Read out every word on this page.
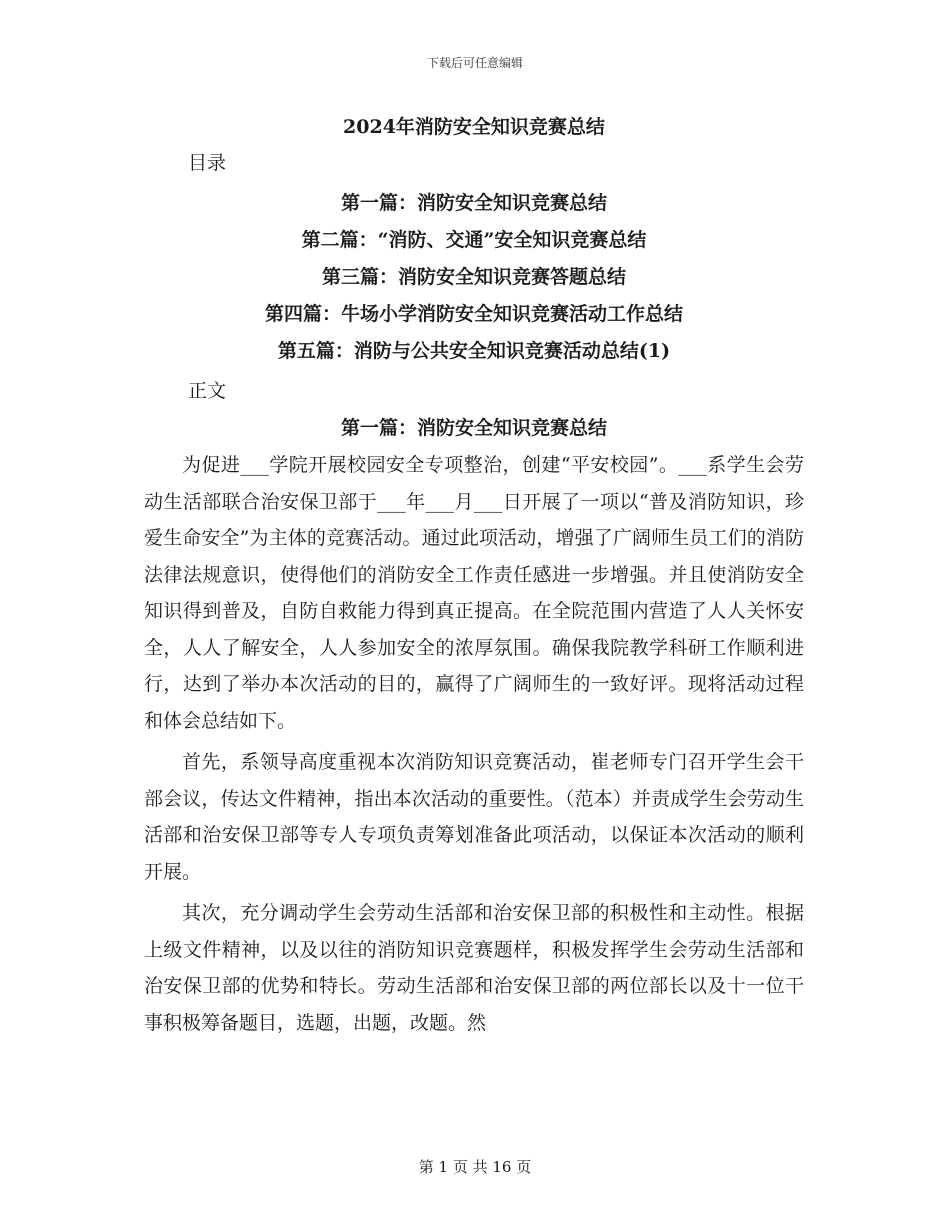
下载后可任意编辑
2024年消防安全知识竞赛总结
目录
第一篇：消防安全知识竞赛总结
第二篇：“消防、交通”安全知识竞赛总结
第三篇：消防安全知识竞赛答题总结
第四篇：牛场小学消防安全知识竞赛活动工作总结
第五篇：消防与公共安全知识竞赛活动总结(1)
正文
第一篇：消防安全知识竞赛总结

为促进___学院开展校园安全专项整治，创建“平安校园”。___系学生会劳动生活部联合治安保卫部于___年___月___日开展了一项以“普及消防知识，珍爱生命安全”为主体的竞赛活动。通过此项活动，增强了广阔师生员工们的消防法律法规意识，使得他们的消防安全工作责任感进一步增强。并且使消防安全知识得到普及，自防自救能力得到真正提高。在全院范围内营造了人人关怀安全，人人了解安全，人人参加安全的浓厚氛围。确保我院教学科研工作顺利进行，达到了举办本次活动的目的，赢得了广阔师生的一致好评。现将活动过程和体会总结如下。

首先，系领导高度重视本次消防知识竞赛活动，崔老师专门召开学生会干部会议，传达文件精神，指出本次活动的重要性。（范本）并责成学生会劳动生活部和治安保卫部等专人专项负责筹划准备此项活动，以保证本次活动的顺利开展。

其次，充分调动学生会劳动生活部和治安保卫部的积极性和主动性。根据上级文件精神，以及以往的消防知识竞赛题样，积极发挥学生会劳动生活部和治安保卫部的优势和特长。劳动生活部和治安保卫部的两位部长以及十一位干事积极筹备题目，选题，出题，改题。然

第 1 页 共 16 页
